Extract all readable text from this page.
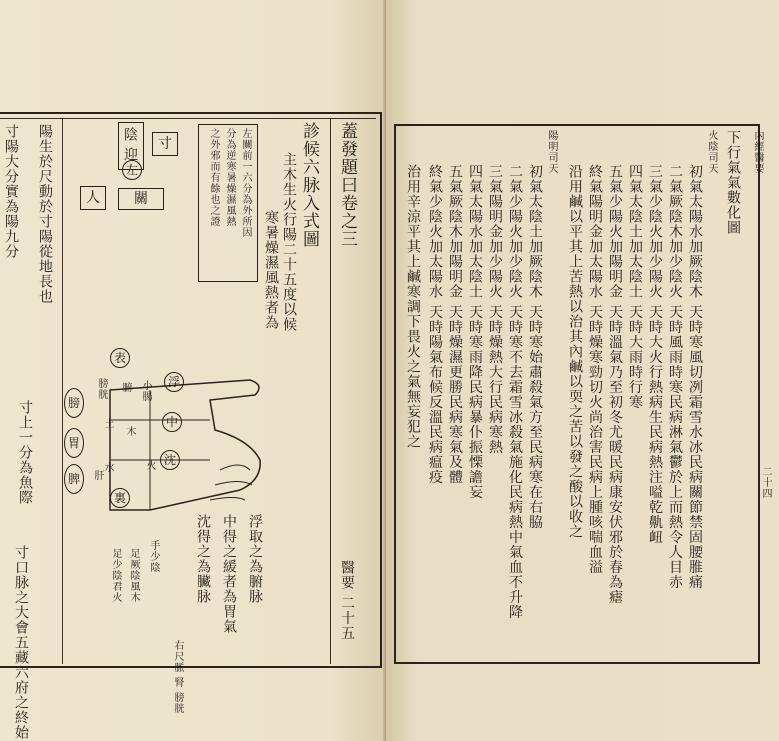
陽生於尺動於寸陽從地長也
寸陽大分實為陽九分
寸上一分為魚際
寸口脉之大會五藏六府之終始
蓋發題曰卷之三
診候六脉入式圖
醫要 二十五
陰
迎
左
關
寸
人	左關前一六分為外所因
分為逆寒暑燥濕風熱
之外邪而有餘也之證	主木生火行陽二十五度以候
寒暑燥濕風熱者為
表
浮
中
沈
裏
小腸
膀胱 腑
土
水
木
火
手少陰
足厥陰風木
足少陰君火
膀
胃
脾	肝
浮取之為腑脉
中得之緩者為胃氣
沈得之為臟脉
右尺脈 腎 膀胱
二十四
內經醫要
下行氣氣數化圖
火陰司天
初氣太陽水加厥陰木 天時寒風切冽霜雪水冰民病關節禁固腰脽痛
二氣厥陰木加少陰火 天時風雨時寒民病淋氣鬱於上而熱令人目赤
三氣少陰火加少陽火 天時大火行熱病生民病熱注嗌乾鼽衄
四氣太陰土加太陰土 天時大雨時行寒
五氣少陽火加陽明金 天時溫氣乃至初冬尤暖民病康安伏邪於春為瘧
終氣陽明金加太陽水 天時燥寒勁切火尚治害民病上腫咳喘血溢
沿用鹹以平其上苦熱以治其內鹹以耎之苦以發之酸以收之
陽明司天
初氣太陰土加厥陰木 天時寒始肅殺氣方至民病寒在右脇
二氣少陽火加少陰火 天時寒不去霜雪冰殺氣施化民病熱中氣血不升降
三氣陽明金加少陽火 天時燥熱大行民病寒熱
四氣太陽水加太陰土 天時寒雨降民病暴仆振慄譫妄
五氣厥陰木加陽明金 天時燥濕更勝民病寒氣及體
終氣少陰火加太陽水 天時陽氣布候反溫民病瘟疫
治用辛涼平其上鹹寒調下畏火之氣無妄犯之
